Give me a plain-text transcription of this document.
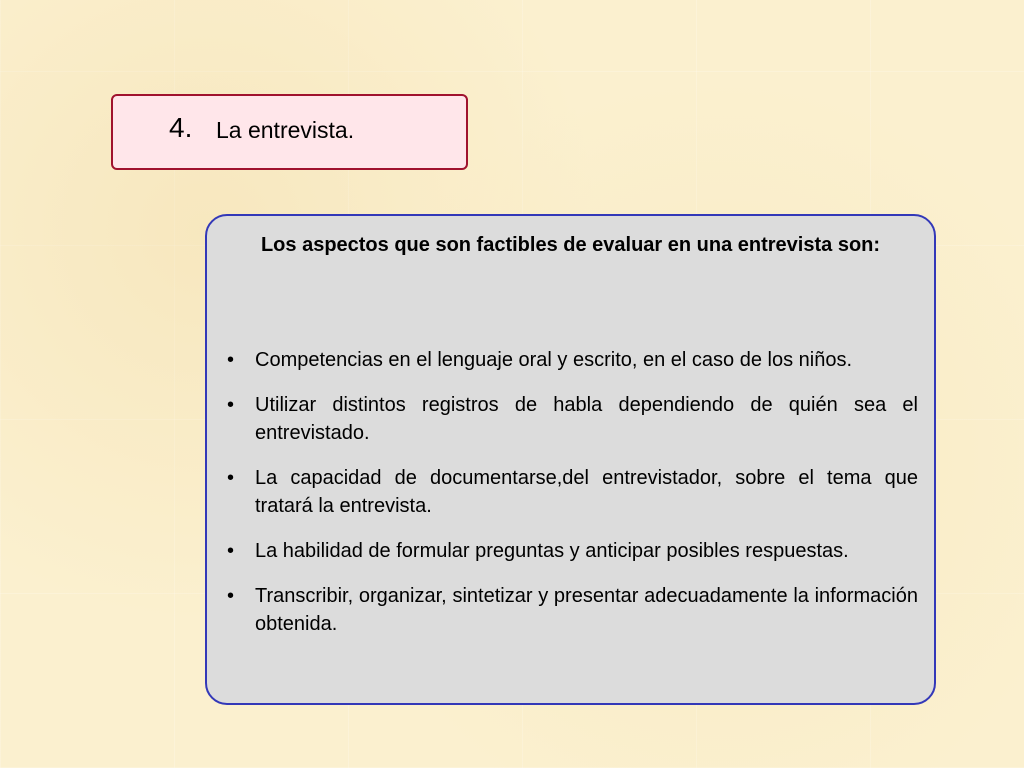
4. La entrevista.
Los aspectos que son factibles de evaluar en una entrevista son:
• Competencias en el lenguaje oral y escrito, en el caso de los niños.
• Utilizar distintos registros de habla dependiendo de quién sea el entrevistado.
• La capacidad de documentarse,del entrevistador, sobre el tema que tratará la entrevista.
• La habilidad de formular preguntas y anticipar posibles respuestas.
• Transcribir, organizar, sintetizar y presentar adecuadamente la información obtenida.
